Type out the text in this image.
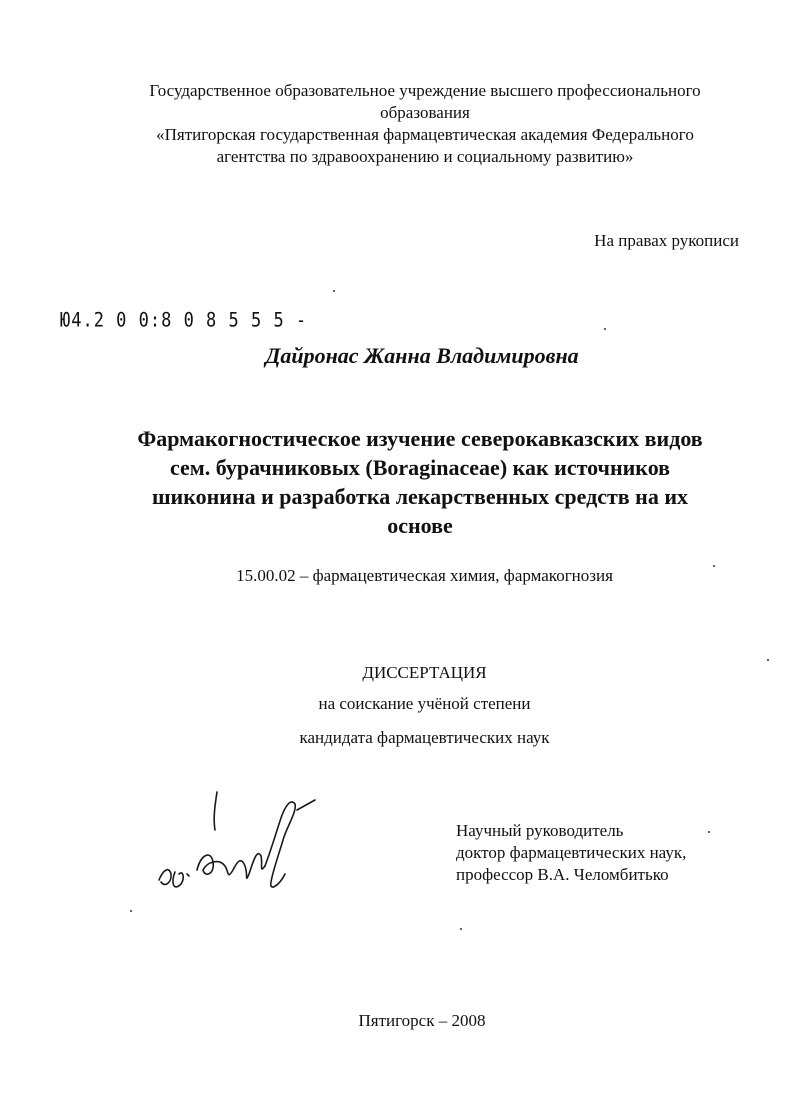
Государственное образовательное учреждение высшего профессионального
образования
«Пятигорская государственная фармацевтическая академия Федерального
агентства по здравоохранению и социальному развитию»
На правах рукописи
Ю4.2 0 0:8 0 8 5 5 5 -
Дайронас Жанна Владимировна
Фармакогностическое изучение северокавказских видов
сем. бурачниковых (Boraginaceae) как источников
шиконина и разработка лекарственных средств на их
основе
15.00.02 – фармацевтическая химия, фармакогнозия
ДИССЕРТАЦИЯ
на соискание учёной степени
кандидата фармацевтических наук
Научный руководитель
доктор фармацевтических наук,
профессор В.А. Челомбитько
Пятигорск – 2008
